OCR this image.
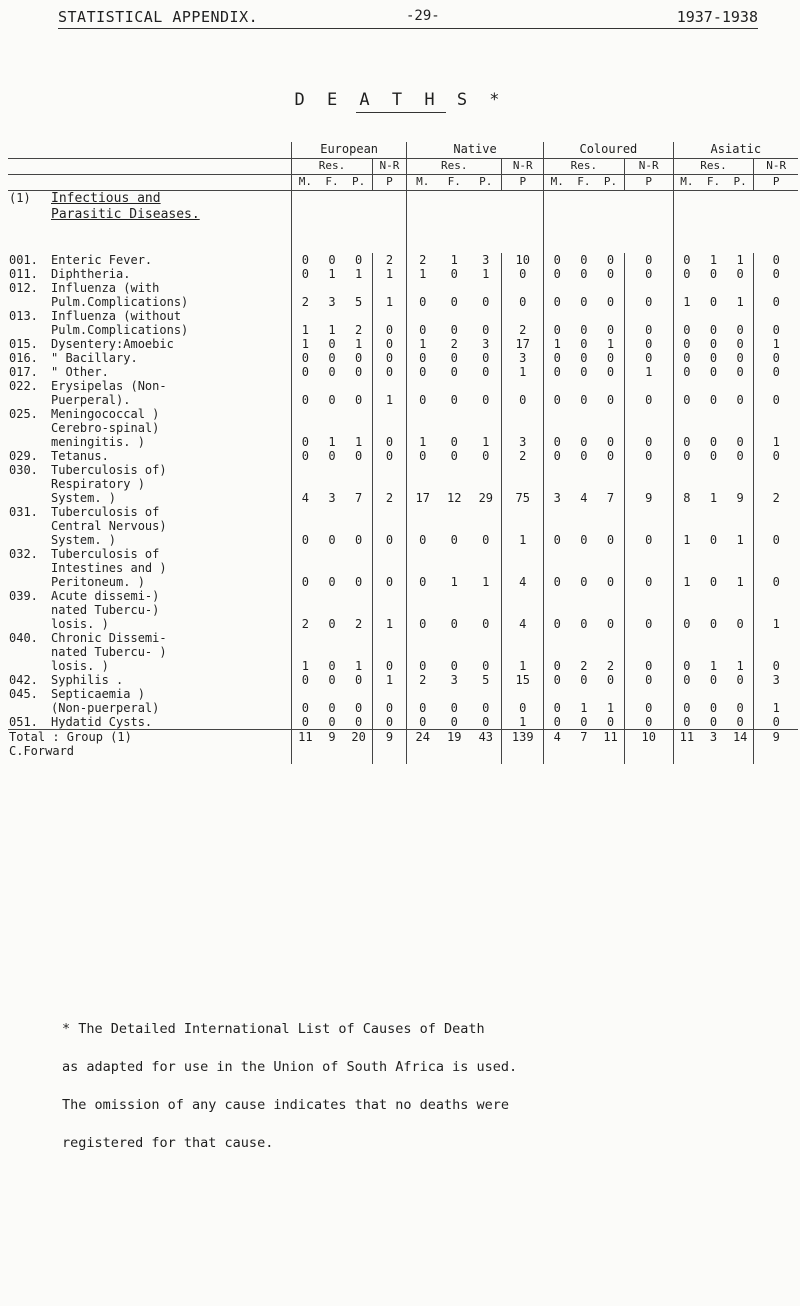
STATISTICAL APPENDIX.	-29-	1937-1938
D E A T H S *
	European				Native				Coloured				Asiatic			
	Res.			N-R	Res.			N-R	Res.			N-R	Res.			N-R
	M.	F.	P.	P	M.	F.	P.	P	M.	F.	P.	P	M.	F.	P.	P
(1) Infectious and Parasitic Diseases.																
001. Enteric Fever.	0	0	0	2	2	1	3	10	0	0	0	0	0	1	1	0
011. Diphtheria.	0	1	1	1	1	0	1	0	0	0	0	0	0	0	0	0
012. Influenza (with
Pulm.Complications)	2	3	5	1	0	0	0	0	0	0	0	0	1	0	1	0
013. Influenza (without
Pulm.Complications)	1	1	2	0	0	0	0	2	0	0	0	0	0	0	0	0
015. Dysentery:Amoebic	1	0	1	0	1	2	3	17	1	0	1	0	0	0	0	1
016. " Bacillary.	0	0	0	0	0	0	0	3	0	0	0	0	0	0	0	0
017. " Other.	0	0	0	0	0	0	0	1	0	0	0	1	0	0	0	0
022. Erysipelas (Non-
Puerperal).	0	0	0	1	0	0	0	0	0	0	0	0	0	0	0	0
025. Meningococcal )
Cerebro-spinal)
meningitis. )	0	1	1	0	1	0	1	3	0	0	0	0	0	0	0	1
029. Tetanus.	0	0	0	0	0	0	0	2	0	0	0	0	0	0	0	0
030. Tuberculosis of)
Respiratory )
System. )	4	3	7	2	17	12	29	75	3	4	7	9	8	1	9	2
031. Tuberculosis of
Central Nervous)
System. )	0	0	0	0	0	0	0	1	0	0	0	0	1	0	1	0
032. Tuberculosis of
Intestines and )
Peritoneum. )	0	0	0	0	0	1	1	4	0	0	0	0	1	0	1	0
039. Acute dissemi-)
nated Tubercu-)
losis. )	2	0	2	1	0	0	0	4	0	0	0	0	0	0	0	1
040. Chronic Dissemi-
nated Tubercu- )
losis. )	1	0	1	0	0	0	0	1	0	2	2	0	0	1	1	0
042. Syphilis .	0	0	0	1	2	3	5	15	0	0	0	0	0	0	0	3
045. Septicaemia )
(Non-puerperal)	0	0	0	0	0	0	0	0	0	1	1	0	0	0	0	1
051. Hydatid Cysts.	0	0	0	0	0	0	0	1	0	0	0	0	0	0	0	0

Total : Group (1)
C.Forward	11	9	20	9	24	19	43	139	4	7	11	10	11	3	14	9
* The Detailed International List of Causes of Death
as adapted for use in the Union of South Africa is used.
The omission of any cause indicates that no deaths were
registered for that cause.
